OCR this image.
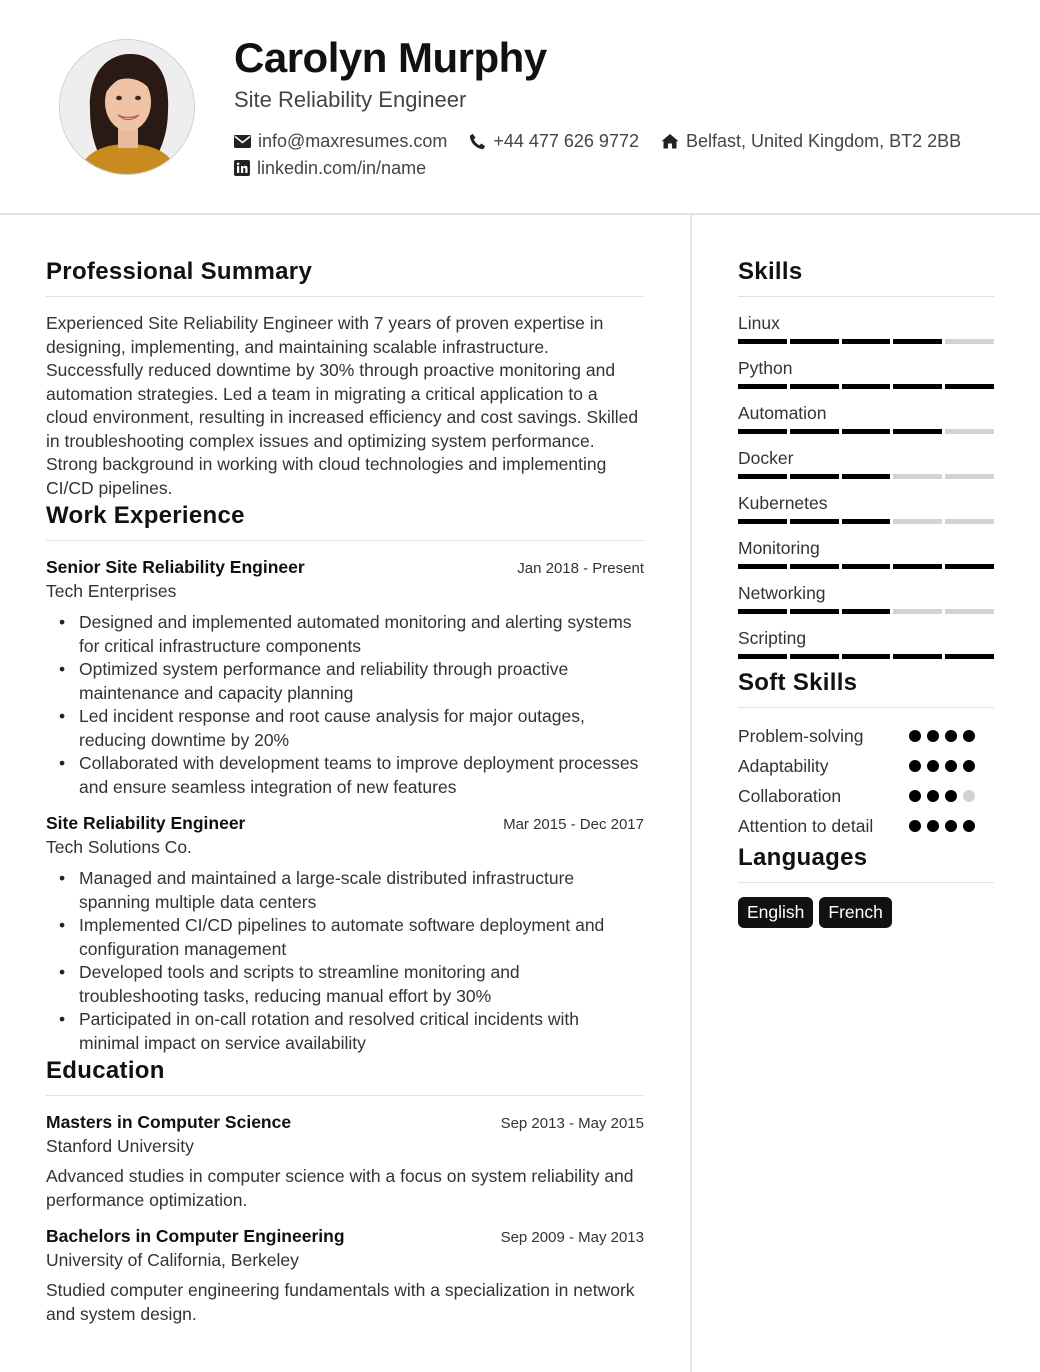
Carolyn Murphy
Site Reliability Engineer
info@maxresumes.com	+44 477 626 9772	Belfast, United Kingdom, BT2 2BB
linkedin.com/in/name
Professional Summary

Experienced Site Reliability Engineer with 7 years of proven expertise in designing, implementing, and maintaining scalable infrastructure. Successfully reduced downtime by 30% through proactive monitoring and automation strategies. Led a team in migrating a critical application to a cloud environment, resulting in increased efficiency and cost savings. Skilled in troubleshooting complex issues and optimizing system performance. Strong background in working with cloud technologies and implementing CI/CD pipelines.

Work Experience
Senior Site Reliability Engineer	Jan 2018 - Present
Tech Enterprises
• Designed and implemented automated monitoring and alerting systems for critical infrastructure components
• Optimized system performance and reliability through proactive maintenance and capacity planning
• Led incident response and root cause analysis for major outages, reducing downtime by 20%
• Collaborated with development teams to improve deployment processes and ensure seamless integration of new features
Site Reliability Engineer	Mar 2015 - Dec 2017
Tech Solutions Co.
• Managed and maintained a large-scale distributed infrastructure spanning multiple data centers
• Implemented CI/CD pipelines to automate software deployment and configuration management
• Developed tools and scripts to streamline monitoring and troubleshooting tasks, reducing manual effort by 30%
• Participated in on-call rotation and resolved critical incidents with minimal impact on service availability
Education
Masters in Computer Science	Sep 2013 - May 2015
Stanford University

Advanced studies in computer science with a focus on system reliability and performance optimization.

Bachelors in Computer Engineering	Sep 2009 - May 2013
University of California, Berkeley

Studied computer engineering fundamentals with a specialization in network and system design.

Skills
Linux
Python
Automation
Docker
Kubernetes
Monitoring
Networking
Scripting
Soft Skills
Problem-solving
Adaptability
Collaboration
Attention to detail
Languages
English	French
